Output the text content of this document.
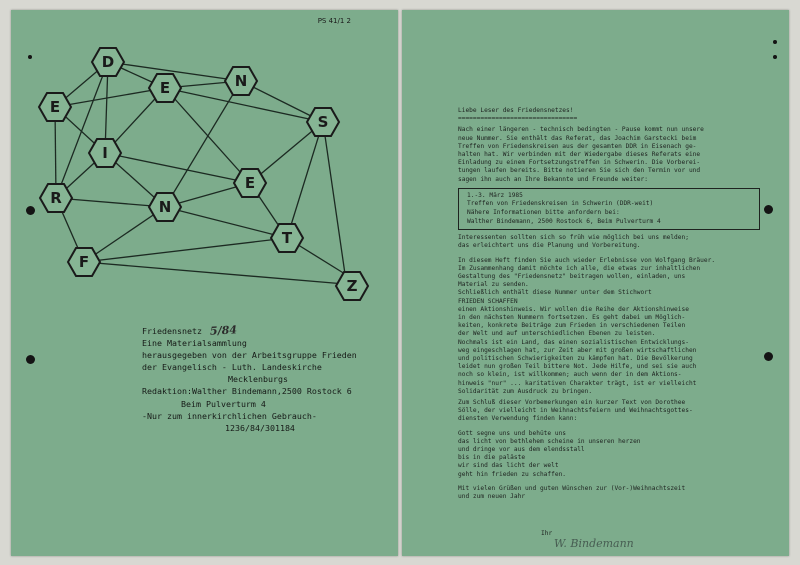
PS 41/1 2
D
E
E	N
S
I
R	N
E
T
F
Z
Friedensnetz 5/84
Eine Materialsammlung
herausgegeben von der Arbeitsgruppe Frieden
der Evangelisch - Luth. Landeskirche
Mecklenburgs
Redaktion:Walther Bindemann,2500 Rostock 6
Beim Pulverturm 4
-Nur zum innerkirchlichen Gebrauch-
1236/84/301184

Liebe Leser des Friedensnetzes!

================================

Nach einer längeren - technisch bedingten - Pause kommt nun unsere

neue Nummer. Sie enthält das Referat, das Joachim Garstecki beim

Treffen von Friedenskreisen aus der gesamten DDR in Eisenach ge-

halten hat. Wir verbinden mit der Wiedergabe dieses Referats eine

Einladung zu einem Fortsetzungstreffen in Schwerin. Die Vorberei-

tungen laufen bereits. Bitte notieren Sie sich den Termin vor und

sagen ihn auch an Ihre Bekannte und Freunde weiter:

1.-3. März 1985

Treffen von Friedenskreisen in Schwerin (DDR-weit)

Nähere Informationen bitte anfordern bei:

Walther Bindemann, 2500 Rostock 6, Beim Pulverturm 4

Interessenten sollten sich so früh wie möglich bei uns melden;

das erleichtert uns die Planung und Vorbereitung.

In diesem Heft finden Sie auch wieder Erlebnisse von Wolfgang Bräuer.

Im Zusammenhang damit möchte ich alle, die etwas zur inhaltlichen

Gestaltung des "Friedensnetz" beitragen wollen, einladen, uns

Material zu senden.

Schließlich enthält diese Nummer unter dem Stichwort

FRIEDEN SCHAFFEN

einen Aktionshinweis. Wir wollen die Reihe der Aktionshinweise

in den nächsten Nummern fortsetzen. Es geht dabei um Möglich-

keiten, konkrete Beiträge zum Frieden in verschiedenen Teilen

der Welt und auf unterschiedlichen Ebenen zu leisten.

Nochmals ist ein Land, das einen sozialistischen Entwicklungs-

weg eingeschlagen hat, zur Zeit aber mit großen wirtschaftlichen

und politischen Schwierigkeiten zu kämpfen hat. Die Bevölkerung

leidet nun großen Teil bittere Not. Jede Hilfe, und sei sie auch

noch so klein, ist willkommen; auch wenn der in dem Aktions-

hinweis "nur" ... karitativen Charakter trägt, ist er vielleicht

Solidarität zum Ausdruck zu bringen.

Zum Schluß dieser Vorbemerkungen ein kurzer Text von Dorothee

Sölle, der vielleicht in Weihnachtsfeiern und Weihnachtsgottes-

diensten Verwendung finden kann:

Gott segne uns und behüte uns

das licht von bethlehem scheine in unseren herzen

und dringe vor aus dem elendsstall

bis in die paläste

wir sind das licht der welt

geht hin frieden zu schaffen.

Mit vielen Grüßen und guten Wünschen zur (Vor-)Weihnachtszeit

und zum neuen Jahr

Ihr
W. Bindemann
